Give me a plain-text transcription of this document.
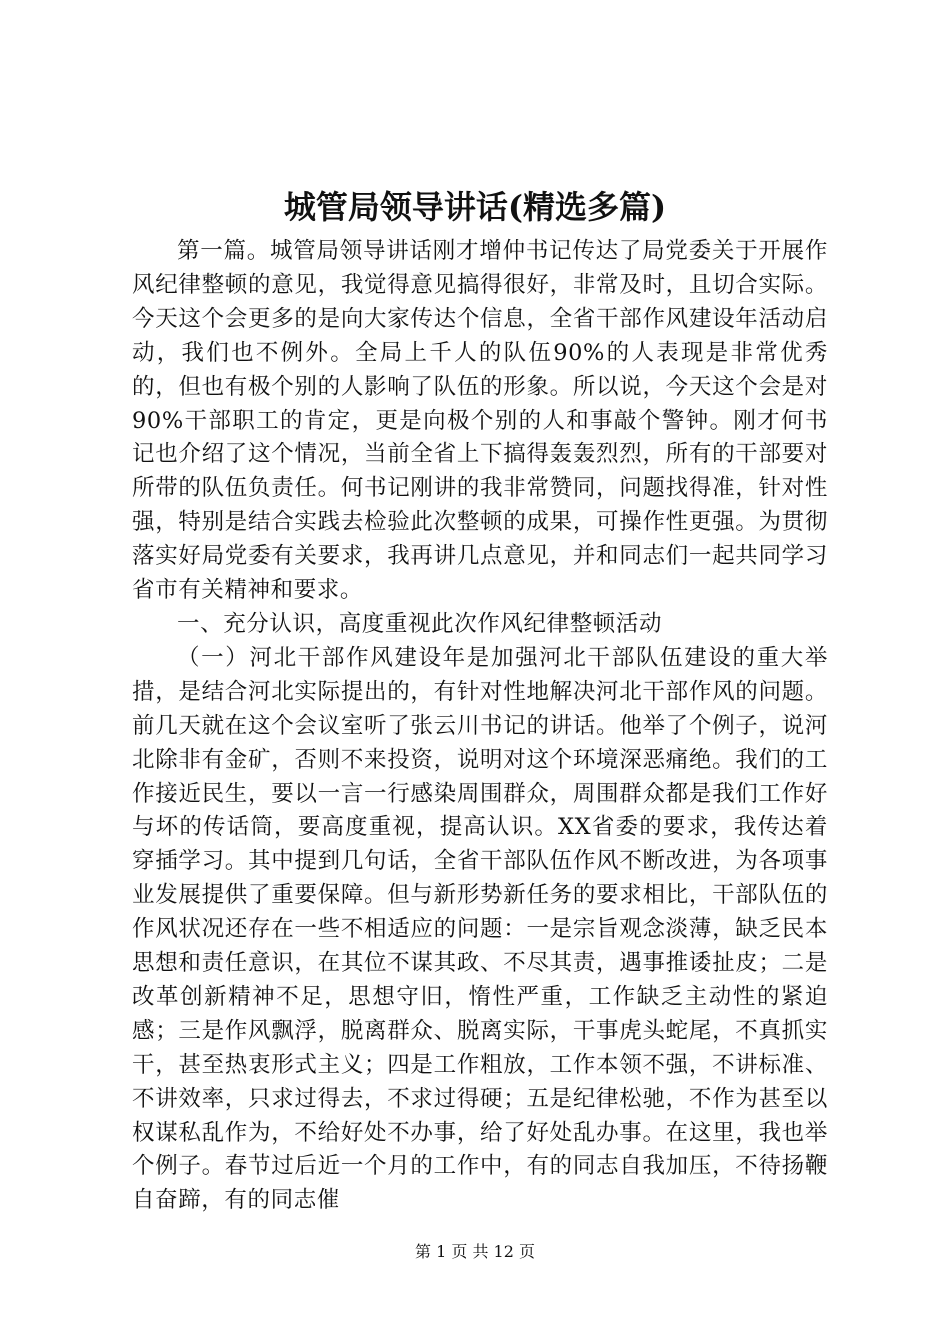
城管局领导讲话(精选多篇)

第一篇。城管局领导讲话刚才增仲书记传达了局党委关于开展作风纪律整顿的意见，我觉得意见搞得很好，非常及时，且切合实际。今天这个会更多的是向大家传达个信息，全省干部作风建设年活动启动，我们也不例外。全局上千人的队伍90%的人表现是非常优秀的，但也有极个别的人影响了队伍的形象。所以说，今天这个会是对90%干部职工的肯定，更是向极个别的人和事敲个警钟。刚才何书记也介绍了这个情况，当前全省上下搞得轰轰烈烈，所有的干部要对所带的队伍负责任。何书记刚讲的我非常赞同，问题找得准，针对性强，特别是结合实践去检验此次整顿的成果，可操作性更强。为贯彻落实好局党委有关要求，我再讲几点意见，并和同志们一起共同学习省市有关精神和要求。

一、充分认识，高度重视此次作风纪律整顿活动

（一）河北干部作风建设年是加强河北干部队伍建设的重大举措，是结合河北实际提出的，有针对性地解决河北干部作风的问题。前几天就在这个会议室听了张云川书记的讲话。他举了个例子，说河北除非有金矿，否则不来投资，说明对这个环境深恶痛绝。我们的工作接近民生，要以一言一行感染周围群众，周围群众都是我们工作好与坏的传话筒，要高度重视，提高认识。XX省委的要求，我传达着穿插学习。其中提到几句话，全省干部队伍作风不断改进，为各项事业发展提供了重要保障。但与新形势新任务的要求相比，干部队伍的作风状况还存在一些不相适应的问题：一是宗旨观念淡薄，缺乏民本思想和责任意识，在其位不谋其政、不尽其责，遇事推诿扯皮；二是改革创新精神不足，思想守旧，惰性严重，工作缺乏主动性的紧迫感；三是作风飘浮，脱离群众、脱离实际，干事虎头蛇尾，不真抓实干，甚至热衷形式主义；四是工作粗放，工作本领不强，不讲标准、不讲效率，只求过得去，不求过得硬；五是纪律松驰，不作为甚至以权谋私乱作为，不给好处不办事，给了好处乱办事。在这里，我也举个例子。春节过后近一个月的工作中，有的同志自我加压，不待扬鞭自奋蹄，有的同志催

第 1 页 共 12 页
